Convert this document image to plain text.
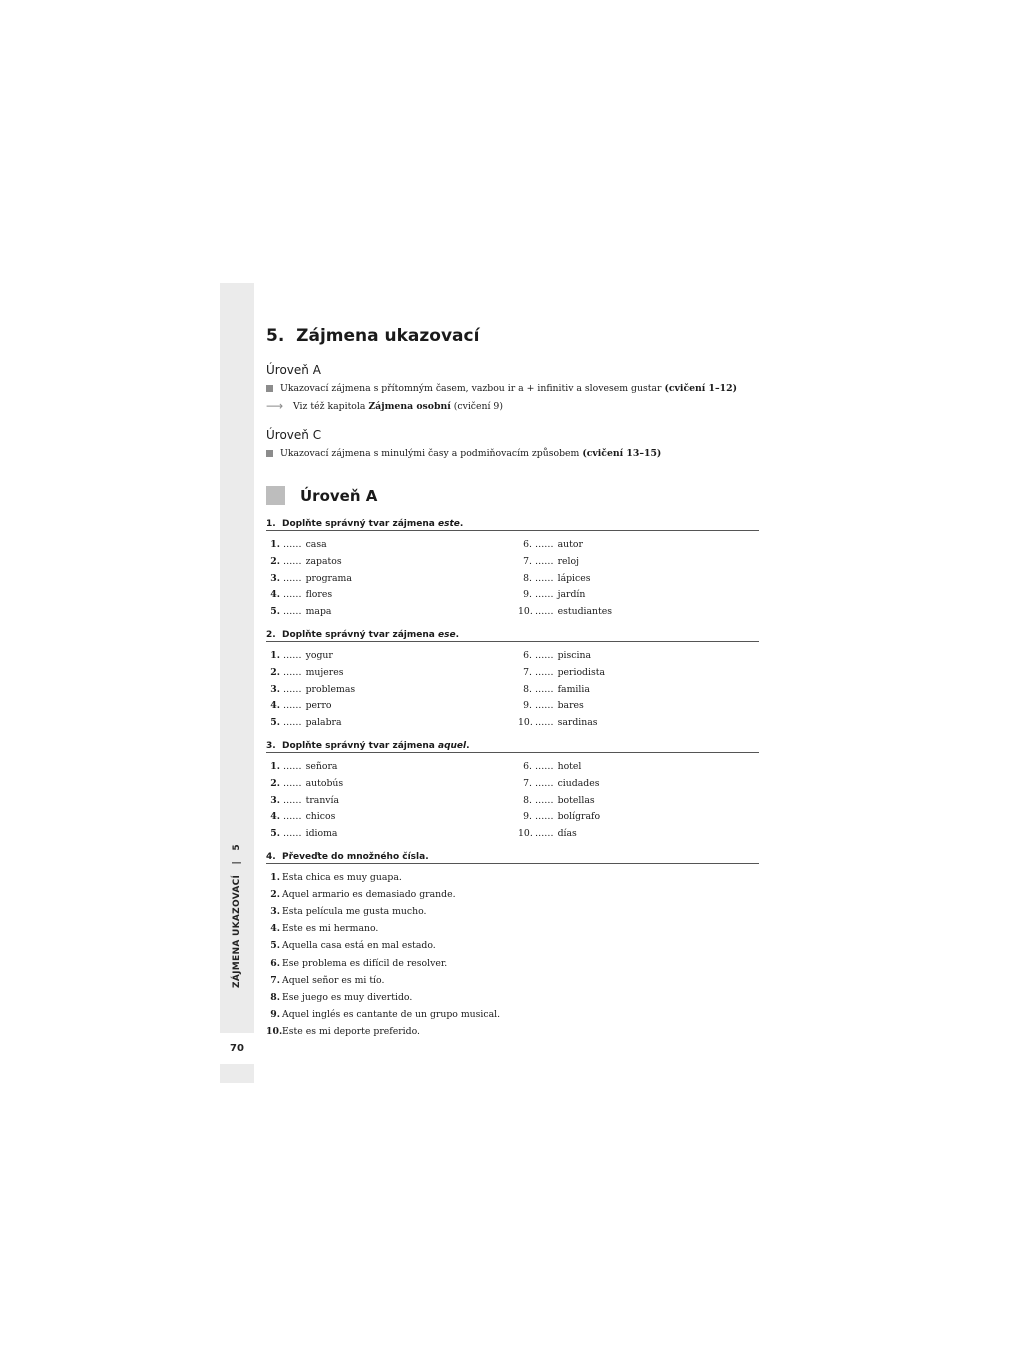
ZÁJMENA UKAZOVACÍ   |   5
70
5. Zájmena ukazovací
Úroveň A
Ukazovací zájmena s přítomným časem, vazbou ir a + infinitiv a slovesem gustar
(cvičení 1–12)
⟶	Viz též kapitola
Zájmena osobní
(cvičení 9)
Úroveň C
Ukazovací zájmena s minulými časy a podmiňovacím způsobem
(cvičení 13–15)
Úroveň A
1. Doplňte správný tvar zájmena este.
1. …… casa
2. …… zapatos
3. …… programa
4. …… flores
5. …… mapa
6. …… autor
7. …… reloj
8. …… lápices
9. …… jardín
10. …… estudiantes
2. Doplňte správný tvar zájmena ese.
1. …… yogur
2. …… mujeres
3. …… problemas
4. …… perro
5. …… palabra
6. …… piscina
7. …… periodista
8. …… familia
9. …… bares
10. …… sardinas
3. Doplňte správný tvar zájmena aquel.
1. …… señora
2. …… autobús
3. …… tranvía
4. …… chicos
5. …… idioma
6. …… hotel
7. …… ciudades
8. …… botellas
9. …… bolígrafo
10. …… días
4. Převeďte do množného čísla.
1. Esta chica es muy guapa.
2. Aquel armario es demasiado grande.
3. Esta película me gusta mucho.
4. Este es mi hermano.
5. Aquella casa está en mal estado.
6. Ese problema es difícil de resolver.
7. Aquel señor es mi tío.
8. Ese juego es muy divertido.
9. Aquel inglés es cantante de un grupo musical.
10.Este es mi deporte preferido.
